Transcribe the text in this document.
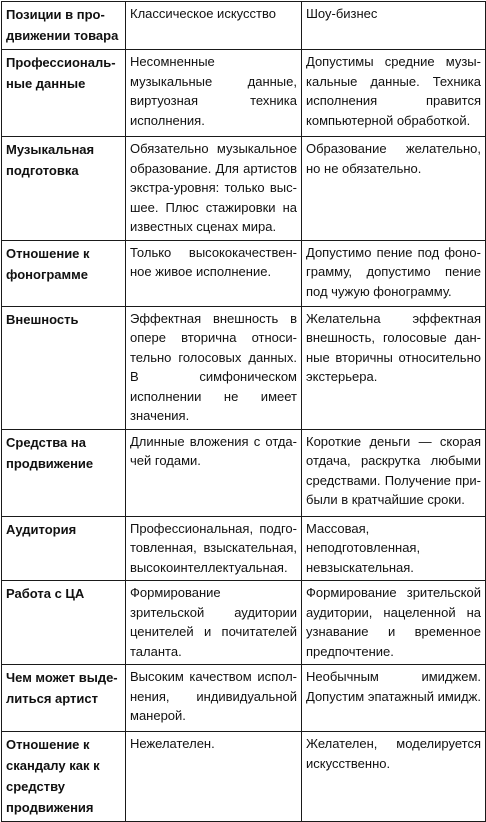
Позиции в продвижении товара	Классическое искусство	Шоу-бизнес

Профессиональные данные	Несомненные музыкальные данные, виртуозная техника исполнения.	Допустимы средние музыкальные данные. Техника исполнения правится компьютерной обработкой.

Музыкальная подготовка	Обязательно музыкальное образование. Для артистов экстра-уровня: только высшее. Плюс стажировки на известных сценах мира.	Образование желательно, но не обязательно.

Отношение к фонограмме	Только высококачественное живое исполнение.	Допустимо пение под фонограмму, допустимо пение под чужую фонограмму.

Внешность	Эффектная внешность в опере вторична относительно голосовых данных. В симфоническом исполнении не имеет значения.	Желательна эффектная внешность, голосовые данные вторичны относительно экстерьера.

Средства на продвижение	Длинные вложения с отдачей годами.	Короткие деньги — скорая отдача, раскрутка любыми средствами. Получение прибыли в кратчайшие сроки.

Аудитория	Профессиональная, подготовленная, взыскательная, высокоинтеллектуальная.	Массовая, неподготовленная, невзыскательная.

Работа с ЦА	Формирование зрительской аудитории ценителей и почитателей таланта.	Формирование зрительской аудитории, нацеленной на узнавание и временное предпочтение.

Чем может выделиться артист	Высоким качеством исполнения, индивидуальной манерой.	Необычным имиджем. Допустим эпатажный имидж.

Отношение к скандалу как к средству продвижения	Нежелателен.	Желателен, моделируется искусственно.
